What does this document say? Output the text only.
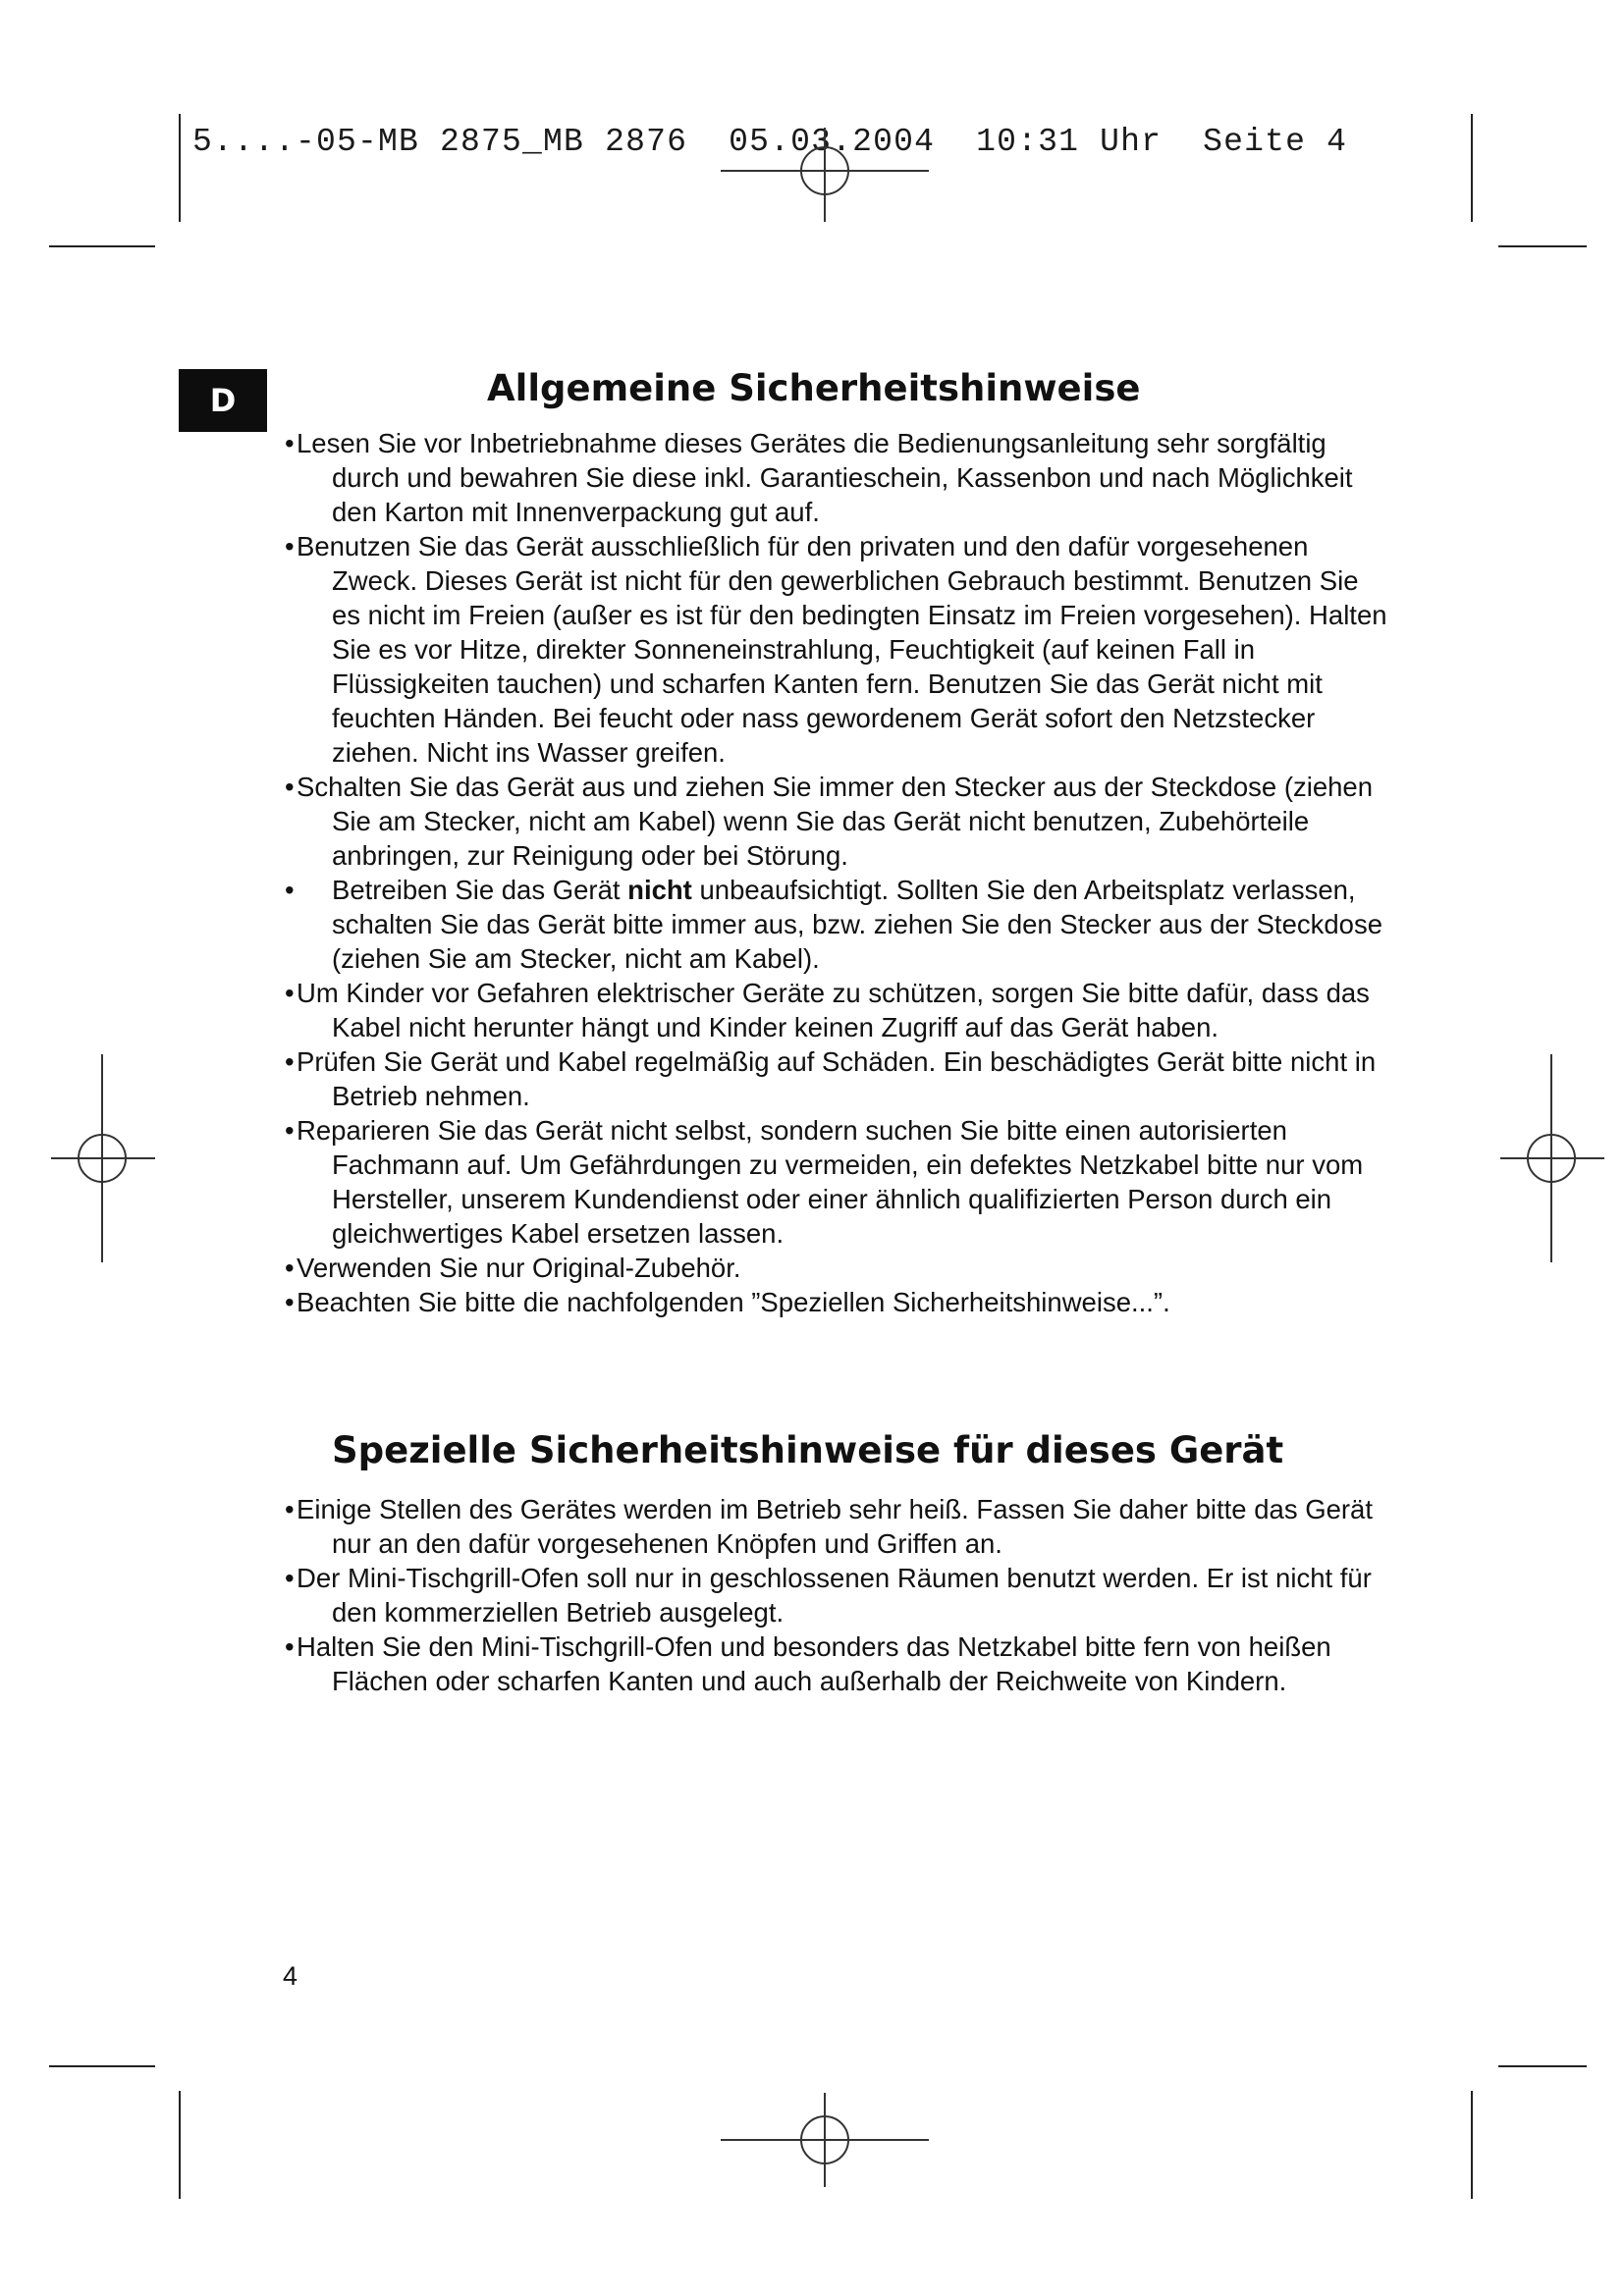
5....-05-MB 2875_MB 2876  05.03.2004  10:31 Uhr  Seite 4
D	Allgemeine Sicherheitshinweise
• Lesen Sie vor Inbetriebnahme dieses Gerätes die Bedienungsanleitung sehr sorgfältig durch und bewahren Sie diese inkl. Garantieschein, Kassenbon und nach Möglichkeit den Karton mit Innenverpackung gut auf.
• Benutzen Sie das Gerät ausschließlich für den privaten und den dafür vorgesehenen Zweck. Dieses Gerät ist nicht für den gewerblichen Gebrauch bestimmt. Benutzen Sie es nicht im Freien (außer es ist für den bedingten Einsatz im Freien vorgesehen). Halten Sie es vor Hitze, direkter Sonneneinstrahlung, Feuchtigkeit (auf keinen Fall in Flüssigkeiten tauchen) und scharfen Kanten fern. Benutzen Sie das Gerät nicht mit feuchten Händen. Bei feucht oder nass gewordenem Gerät sofort den Netzstecker ziehen. Nicht ins Wasser greifen.
• Schalten Sie das Gerät aus und ziehen Sie immer den Stecker aus der Steckdose (ziehen Sie am Stecker, nicht am Kabel) wenn Sie das Gerät nicht benutzen, Zubehörteile anbringen, zur Reinigung oder bei Störung.
• Betreiben Sie das Gerät nicht unbeaufsichtigt. Sollten Sie den Arbeitsplatz verlassen, schalten Sie das Gerät bitte immer aus, bzw. ziehen Sie den Stecker aus der Steckdose (ziehen Sie am Stecker, nicht am Kabel).
• Um Kinder vor Gefahren elektrischer Geräte zu schützen, sorgen Sie bitte dafür, dass das Kabel nicht herunter hängt und Kinder keinen Zugriff auf das Gerät haben.
• Prüfen Sie Gerät und Kabel regelmäßig auf Schäden. Ein beschädigtes Gerät bitte nicht in Betrieb nehmen.
• Reparieren Sie das Gerät nicht selbst, sondern suchen Sie bitte einen autorisierten Fachmann auf. Um Gefährdungen zu vermeiden, ein defektes Netzkabel bitte nur vom Hersteller, unserem Kundendienst oder einer ähnlich qualifizierten Person durch ein gleichwertiges Kabel ersetzen lassen.
• Verwenden Sie nur Original-Zubehör.
• Beachten Sie bitte die nachfolgenden ”Speziellen Sicherheitshinweise...”.
Spezielle Sicherheitshinweise für dieses Gerät
• Einige Stellen des Gerätes werden im Betrieb sehr heiß. Fassen Sie daher bitte das Gerät nur an den dafür vorgesehenen Knöpfen und Griffen an.
• Der Mini-Tischgrill-Ofen soll nur in geschlossenen Räumen benutzt werden. Er ist nicht für den kommerziellen Betrieb ausgelegt.
• Halten Sie den Mini-Tischgrill-Ofen und besonders das Netzkabel bitte fern von heißen Flächen oder scharfen Kanten und auch außerhalb der Reichweite von Kindern.
4
